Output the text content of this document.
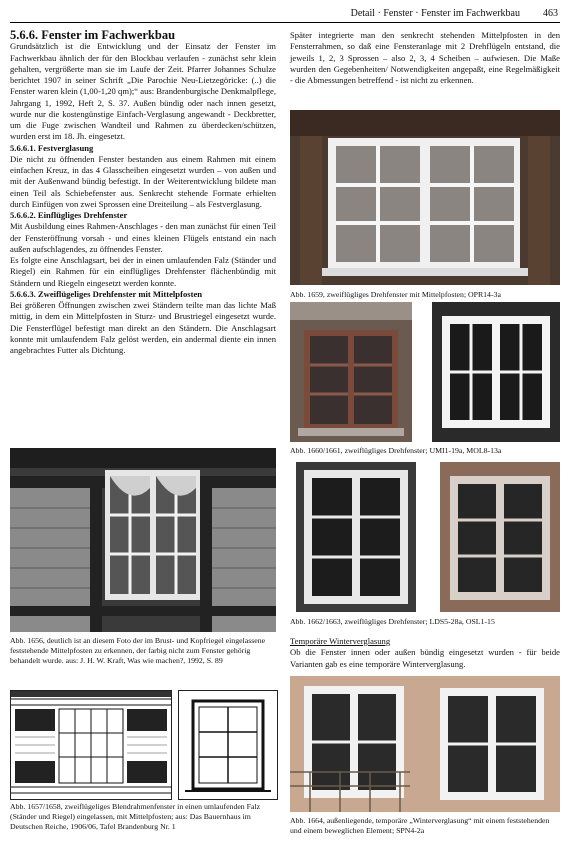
Detail · Fenster · Fenster im Fachwerkbau 463

5.6.6. Fenster im Fachwerkbau

Grundsätzlich ist die Entwicklung und der Einsatz der Fenster im Fachwerkbau ähnlich der für den Blockbau verlaufen - zunächst sehr klein gehalten, vergrößerte man sie im Laufe der Zeit. Pfarrer Johannes Schulze berichtet 1907 in seiner Schrift „Die Parochie Neu-Lietzegöricke: (..) die Fenster waren klein (1,00-1,20 qm);“ aus: Brandenburgische Denkmalpflege, Jahrgang 1, 1992, Heft 2, S. 37. Außen bündig oder nach innen gesetzt, wurde nur die kostengünstige Einfach-Verglasung angewandt - Deckbretter, um die Fuge zwischen Wandteil und Rahmen zu überdecken/schützen, wurden erst im 18. Jh. eingesetzt.

5.6.6.1. Festverglasung

Die nicht zu öffnenden Fenster bestanden aus einem Rahmen mit einem einfachen Kreuz, in das 4 Glasscheiben eingesetzt wurden – von außen und mit der Außenwand bündig befestigt. In der Weiterentwicklung bildete man einen Teil als Schiebefenster aus. Senkrecht stehende Formate erhielten durch Einfügen von zwei Sprossen eine Dreiteilung – als Festverglasung.

5.6.6.2. Einflügliges Drehfenster

Mit Ausbildung eines Rahmen-Anschlages - den man zunächst für einen Teil der Fensteröffnung vorsah - und eines kleinen Flügels entstand ein nach außen aufschlagendes, zu öffnendes Fenster.

Es folgte eine Anschlagsart, bei der in einen umlaufenden Falz (Ständer und Riegel) ein Rahmen für ein einflügliges Drehfenster flächenbündig mit Ständern und Riegeln eingesetzt werden konnte.

5.6.6.3. Zweiflügeliges Drehfenster mit Mittelpfosten

Bei größeren Öffnungen zwischen zwei Ständern teilte man das lichte Maß mittig, in dem ein Mittelpfosten in Sturz- und Brustriegel eingesetzt wurde. Die Fensterflügel befestigt man direkt an den Ständern. Die Anschlagsart konnte mit umlaufendem Falz gelöst werden, ein andermal diente ein innen angebrachtes Futter als Dichtung.

Abb. 1656, deutlich ist an diesem Foto der im Brust- und Kopfriegel eingelassene feststehende Mittelpfosten zu erkennen, der farbig nicht zum Fenster gehörig behandelt wurde. aus: J. H. W. Kraft, Was wie machen?, 1992, S. 89
Abb. 1657/1658, zweiflügeliges Blendrahmenfenster in einen umlaufenden Falz (Ständer und Riegel) eingelassen, mit Mittelpfosten; aus: Das Bauernhaus im Deutschen Reiche, 1906/06, Tafel Brandenburg Nr. 1

Später integrierte man den senkrecht stehenden Mittelpfosten in den Fensterrahmen, so daß eine Fensteranlage mit 2 Drehflügeln entstand, die jeweils 1, 2, 3 Sprossen – also 2, 3, 4 Scheiben – aufwiesen. Die Maße wurden den Gegebenheiten/ Notwendigkeiten angepaßt, eine Regelmäßigkeit - die Abmessungen betreffend - ist nicht zu erkennen.

Abb. 1659, zweiflügliges Drehfenster mit Mittelpfosten; OPR14-3a
Abb. 1660/1661, zweiflügliges Drehfenster; UMI1-19a, MOL8-13a
Abb. 1662/1663, zweiflügliges Drehfenster; LDS5-28a, OSL1-15

Temporäre Winterverglasung

Ob die Fenster innen oder außen bündig eingesetzt wurden - für beide Varianten gab es eine temporäre Winterverglasung.

Abb. 1664, außenliegende, temporäre „Winterverglasung“ mit einem feststehenden und einem beweglichen Element; SPN4-2a
